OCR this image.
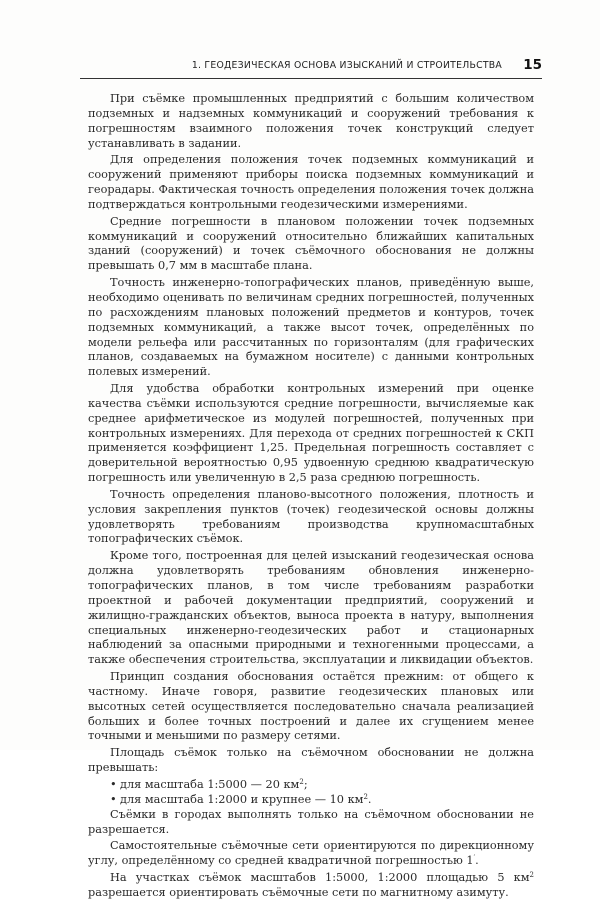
1. ГЕОДЕЗИЧЕСКАЯ ОСНОВА ИЗЫСКАНИЙ И СТРОИТЕЛЬСТВА 15

При съёмке промышленных предприятий с большим количеством подземных и надземных коммуникаций и сооружений требования к погрешностям взаимного положения точек конструкций следует устанавливать в задании.

Для определения положения точек подземных коммуникаций и сооружений применяют приборы поиска подземных коммуникаций и георадары. Фактическая точность определения положения точек должна подтверждаться контрольными геодезическими измерениями.

Средние погрешности в плановом положении точек подземных коммуникаций и сооружений относительно ближайших капитальных зданий (сооружений) и точек съёмочного обоснования не должны превышать 0,7 мм в масштабе плана.

Точность инженерно-топографических планов, приведённую выше, необходимо оценивать по величинам средних погрешностей, полученных по расхождениям плановых положений предметов и контуров, точек подземных коммуникаций, а также высот точек, определённых по модели рельефа или рассчитанных по горизонталям (для графических планов, создаваемых на бумажном носителе) с данными контрольных полевых измерений.

Для удобства обработки контрольных измерений при оценке качества съёмки используются средние погрешности, вычисляемые как среднее арифметическое из модулей погрешностей, полученных при контрольных измерениях. Для перехода от средних погрешностей к СКП применяется коэффициент 1,25. Предельная погрешность составляет с доверительной вероятностью 0,95 удвоенную среднюю квадратическую погрешность или увеличенную в 2,5 раза среднюю погрешность.

Точность определения планово-высотного положения, плотность и условия закрепления пунктов (точек) геодезической основы должны удовлетворять требованиям производства крупномасштабных топографических съёмок.

Кроме того, построенная для целей изысканий геодезическая основа должна удовлетворять требованиям обновления инженерно-топографических планов, в том числе требованиям разработки проектной и рабочей документации предприятий, сооружений и жилищно-гражданских объектов, выноса проекта в натуру, выполнения специальных инженерно-геодезических работ и стационарных наблюдений за опасными природными и техногенными процессами, а также обеспечения строительства, эксплуатации и ликвидации объектов.

Принцип создания обоснования остаётся прежним: от общего к частному. Иначе говоря, развитие геодезических плановых или высотных сетей осуществляется последовательно сначала реализацией больших и более точных построений и далее их сгущением менее точными и меньшими по размеру сетями.

Площадь съёмок только на съёмочном обосновании не должна превышать:

• для масштаба 1:5000 — 20 $км^2$;
• для масштаба 1:2000 и крупнее — 10 $км^2$.

Съёмки в городах выполнять только на съёмочном обосновании не разрешается.

Самостоятельные съёмочные сети ориентируются по дирекционному углу, определённому со средней квадратичной погрешностью 1′.

На участках съёмок масштабов 1:5000, 1:2000 площадью 5 $км^2$ разрешается ориентировать съёмочные сети по магнитному азимуту.
